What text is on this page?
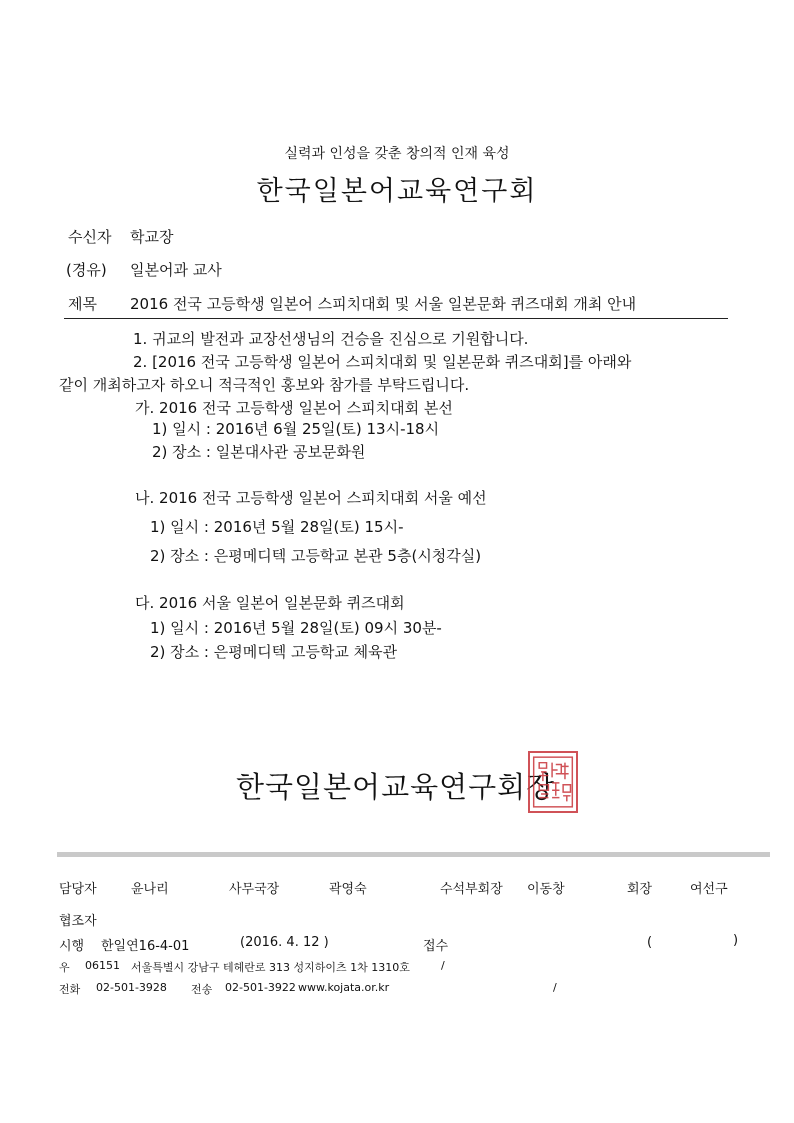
실력과 인성을 갖춘 창의적 인재 육성
한국일본어교육연구회
수신자 학교장
(경유) 일본어과 교사
제목 2016 전국 고등학생 일본어 스피치대회 및 서울 일본문화 퀴즈대회 개최 안내
1. 귀교의 발전과 교장선생님의 건승을 진심으로 기원합니다.
2. [2016 전국 고등학생 일본어 스피치대회 및 일본문화 퀴즈대회]를 아래와
같이 개최하고자 하오니 적극적인 홍보와 참가를 부탁드립니다.
가. 2016 전국 고등학생 일본어 스피치대회 본선
1) 일시 : 2016년 6월 25일(토) 13시-18시
2) 장소 : 일본대사관 공보문화원
나. 2016 전국 고등학생 일본어 스피치대회 서울 예선
1) 일시 : 2016년 5월 28일(토) 15시-
2) 장소 : 은평메디텍 고등학교 본관 5층(시청각실)
다. 2016 서울 일본어 일본문화 퀴즈대회
1) 일시 : 2016년 5월 28일(토) 09시 30분-
2) 장소 : 은평메디텍 고등학교 체육관
한국일본어교육연구회장
담당자	윤나리	사무국장	곽영숙	수석부회장 이동창	회장	여선구
협조자
시행 한일연16-4-01	(2016. 4. 12 )	접수	(	)
우 06151 서울특별시 강남구 테헤란로 313 성지하이츠 1차 1310호	/
전화 02-501-3928 전송 02-501-3922 www.kojata.or.kr	/
